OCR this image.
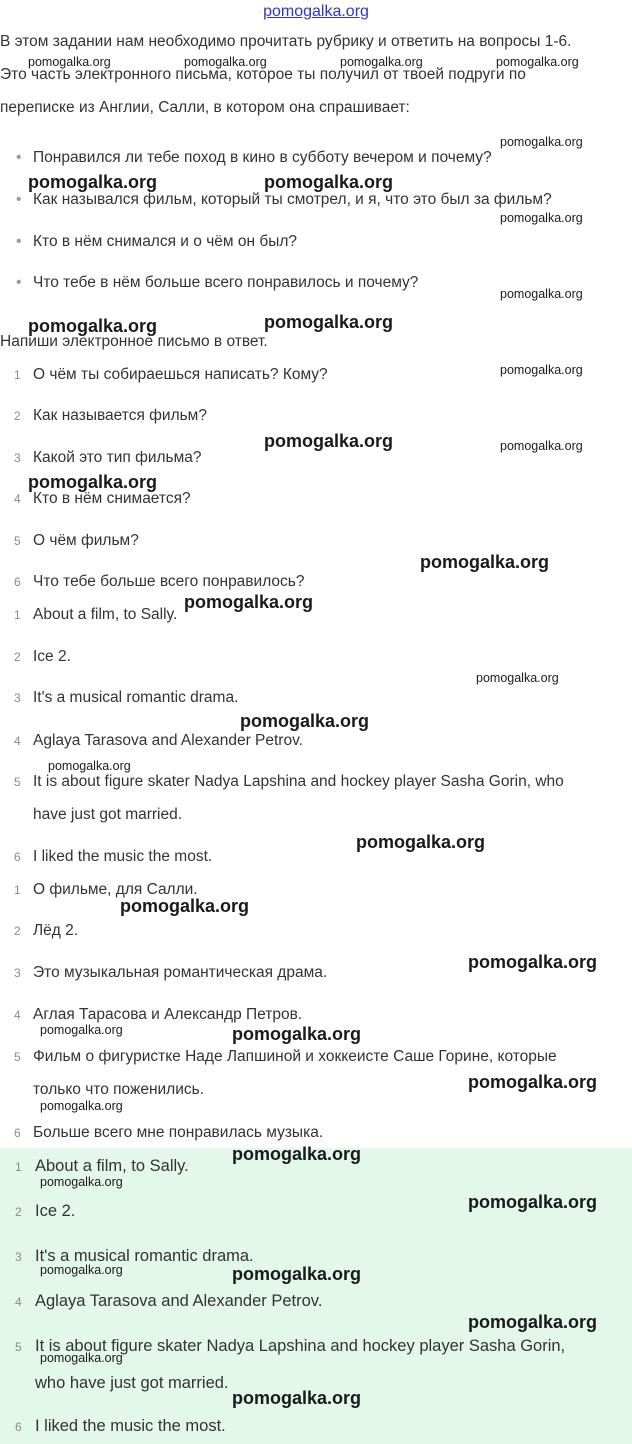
pomogalka.org
В этом задании нам необходимо прочитать рубрику и ответить на вопросы 1-6.
Это часть электронного письма, которое ты получил от твоей подруги по
переписке из Англии, Салли, в котором она спрашивает:
• Понравился ли тебе поход в кино в субботу вечером и почему?
• Как назывался фильм, который ты смотрел, и я, что это был за фильм?
• Кто в нём снимался и о чём он был?
• Что тебе в нём больше всего понравилось и почему?
Напиши электронное письмо в ответ.
1 О чём ты собираешься написать? Кому?
2 Как называется фильм?
3 Какой это тип фильма?
4 Кто в нём снимается?
5 О чём фильм?
6 Что тебе больше всего понравилось?
1 About a film, to Sally.
2 Ice 2.
3 It's a musical romantic drama.
4 Aglaya Tarasova and Alexander Petrov.
5 It is about figure skater Nadya Lapshina and hockey player Sasha Gorin, who
have just got married.
6 I liked the music the most.
1 О фильме, для Салли.
2 Лёд 2.
3 Это музыкальная романтическая драма.
4 Аглая Тарасова и Александр Петров.
5 Фильм о фигуристке Наде Лапшиной и хоккеисте Саше Горине, которые
только что поженились.
6 Больше всего мне понравилась музыка.
1 About a film, to Sally.
2 Ice 2.
3 It's a musical romantic drama.
4 Aglaya Tarasova and Alexander Petrov.
5 It is about figure skater Nadya Lapshina and hockey player Sasha Gorin,
who have just got married.
6 I liked the music the most.
pomogalka.org	pomogalka.org	pomogalka.org	pomogalka.org
pomogalka.org
pomogalka.org	pomogalka.org
pomogalka.org
pomogalka.org
pomogalka.org	pomogalka.org
pomogalka.org
pomogalka.org	pomogalka.org
pomogalka.org
pomogalka.org
pomogalka.org
pomogalka.org
pomogalka.org
pomogalka.org
pomogalka.org
pomogalka.org
pomogalka.org
pomogalka.org	pomogalka.org
pomogalka.org
pomogalka.org
pomogalka.org
pomogalka.org
pomogalka.org
pomogalka.org	pomogalka.org
pomogalka.org
pomogalka.org
pomogalka.org
